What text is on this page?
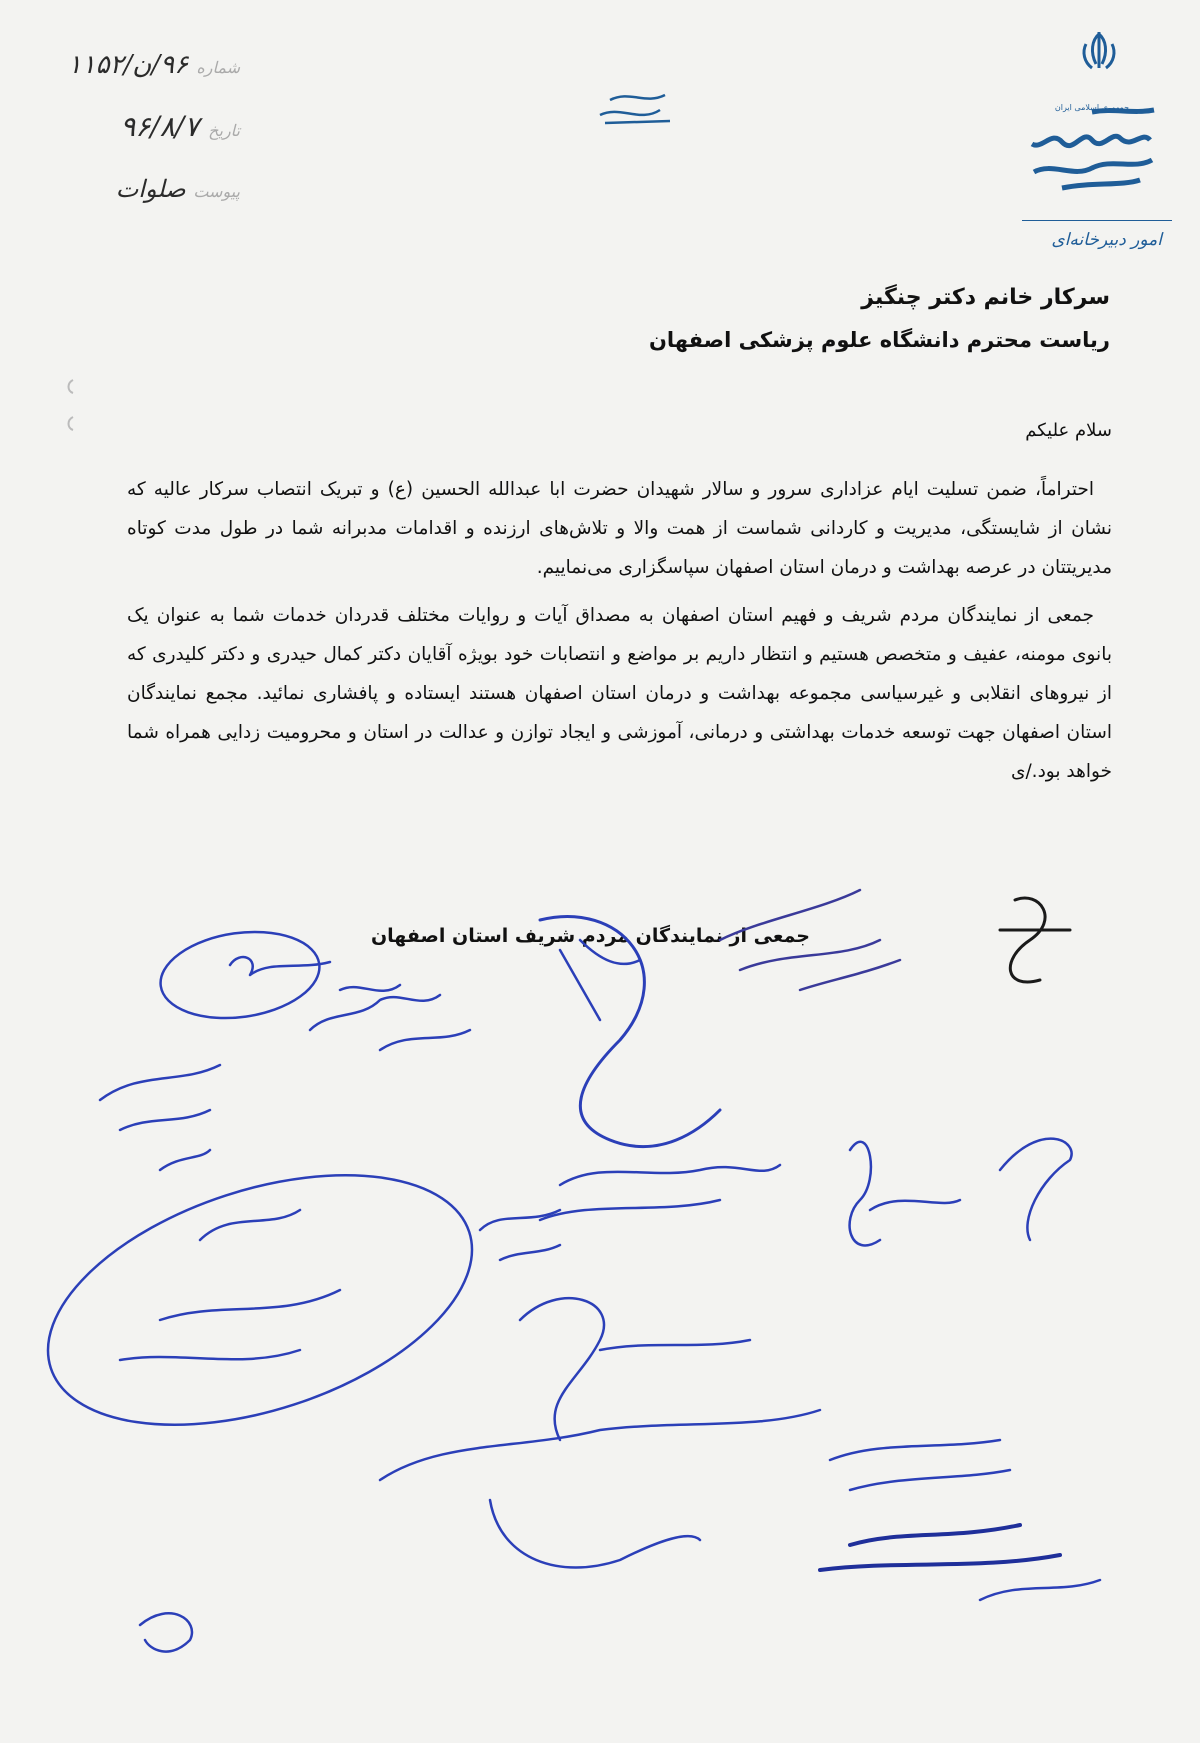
جمهوری اسلامی ایران
مجلس شورای اسلامی
امور دبیرخانه‌ای
شماره ۹۶/ن/۱۱۵۲
تاریخ ۹۶/۸/۷
پیوست صلوات
سرکار خانم دکتر چنگیز
ریاست محترم دانشگاه علوم پزشکی اصفهان
سلام علیکم

احتراماً، ضمن تسلیت ایام عزاداری سرور و سالار شهیدان حضرت ابا عبدالله الحسین (ع) و تبریک انتصاب سرکار عالیه که نشان از شایستگی، مدیریت و کاردانی شماست از همت والا و تلاش‌های ارزنده و اقدامات مدبرانه شما در طول مدت کوتاه مدیریتتان در عرصه بهداشت و درمان استان اصفهان سپاسگزاری می‌نماییم.

جمعی از نمایندگان مردم شریف و فهیم استان اصفهان به مصداق آیات و روایات مختلف قدردان خدمات شما به عنوان یک بانوی مومنه، عفیف و متخصص هستیم و انتظار داریم بر مواضع و انتصابات خود بویژه آقایان دکتر کمال حیدری و دکتر کلیدری که از نیروهای انقلابی و غیرسیاسی مجموعه بهداشت و درمان استان اصفهان هستند ایستاده و پافشاری نمائید. مجمع نمایندگان استان اصفهان جهت توسعه خدمات بهداشتی و درمانی، آموزشی و ایجاد توازن و عدالت در استان و محرومیت زدایی همراه شما خواهد بود./ی

جمعی از نمایندگان مردم شریف استان اصفهان
